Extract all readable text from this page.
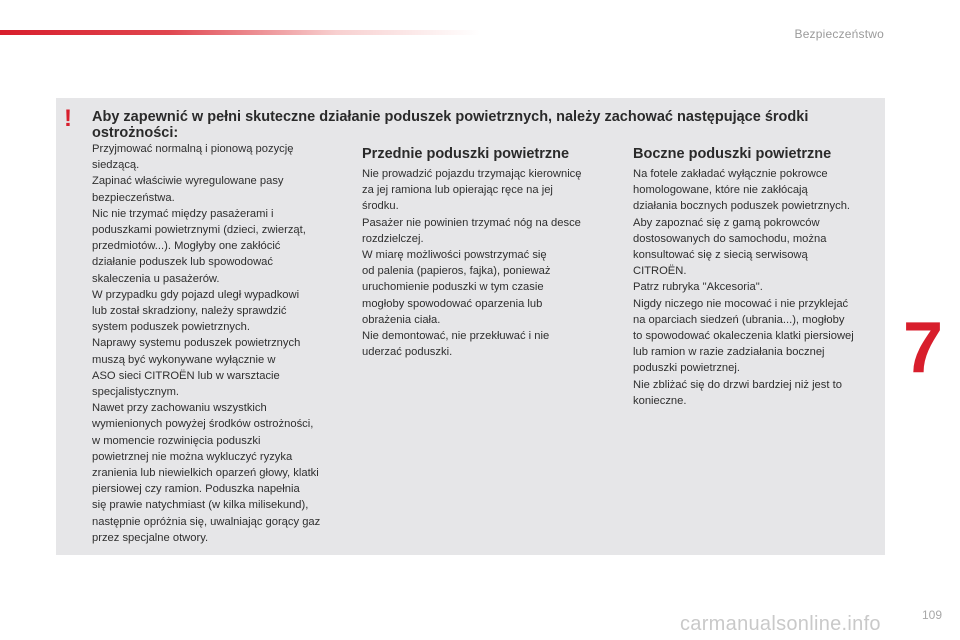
Bezpieczeństwo
! Aby zapewnić w pełni skuteczne działanie poduszek powietrznych, należy zachować następujące środki ostrożności:

Przyjmować normalną i pionową pozycję

siedzącą.

Zapinać właściwie wyregulowane pasy

bezpieczeństwa.

Nic nie trzymać między pasażerami i

poduszkami powietrznymi (dzieci, zwierząt,

przedmiotów...). Mogłyby one zakłócić

działanie poduszek lub spowodować

skaleczenia u pasażerów.

W przypadku gdy pojazd uległ wypadkowi

lub został skradziony, należy sprawdzić

system poduszek powietrznych.

Naprawy systemu poduszek powietrznych

muszą być wykonywane wyłącznie w

ASO sieci CITROËN lub w warsztacie

specjalistycznym.

Nawet przy zachowaniu wszystkich

wymienionych powyżej środków ostrożności,

w momencie rozwinięcia poduszki

powietrznej nie można wykluczyć ryzyka

zranienia lub niewielkich oparzeń głowy, klatki

piersiowej czy ramion. Poduszka napełnia

się prawie natychmiast (w kilka milisekund),

następnie opróżnia się, uwalniając gorący gaz

przez specjalne otwory.

Przednie poduszki powietrzne

Nie prowadzić pojazdu trzymając kierownicę

za jej ramiona lub opierając ręce na jej

środku.

Pasażer nie powinien trzymać nóg na desce

rozdzielczej.

W miarę możliwości powstrzymać się

od palenia (papieros, fajka), ponieważ

uruchomienie poduszki w tym czasie

mogłoby spowodować oparzenia lub

obrażenia ciała.

Nie demontować, nie przekłuwać i nie

uderzać poduszki.

Boczne poduszki powietrzne

Na fotele zakładać wyłącznie pokrowce

homologowane, które nie zakłócają

działania bocznych poduszek powietrznych.

Aby zapoznać się z gamą pokrowców

dostosowanych do samochodu, można

konsultować się z siecią serwisową

CITROËN.

Patrz rubryka "Akcesoria".

Nigdy niczego nie mocować i nie przyklejać

na oparciach siedzeń (ubrania...), mogłoby

to spowodować okaleczenia klatki piersiowej

lub ramion w razie zadziałania bocznej

poduszki powietrznej.

Nie zbliżać się do drzwi bardziej niż jest to

konieczne.

7
carmanualsonline.info	109
